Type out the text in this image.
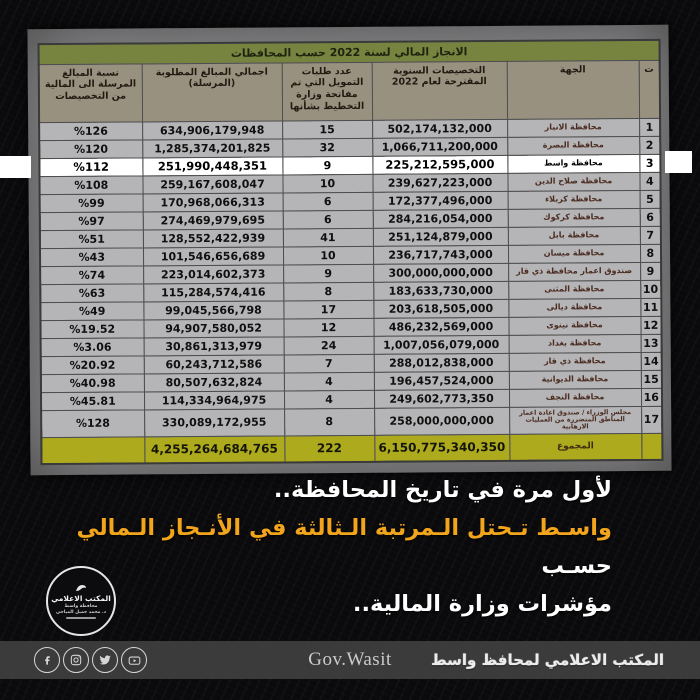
الانجاز المالي لسنة 2022 حسب المحافظات					
ت	الجهة	التخصيصات السنوية المقترحة لعام 2022	عدد طلبات التمويل التي تم مفاتحة وزارة التخطيط بشأنها	اجمالي المبالغ المطلوبة (المرسلة)	نسبة المبالغ المرسلة الى المالية من التخصيصات
1	محافظة الانبار	502,174,132,000	15	634,906,179,948	%126
2	محافظة البصرة	1,066,711,200,000	32	1,285,374,201,825	%120
3	محافظة واسط	225,212,595,000	9	251,990,448,351	%112
4	محافظة صلاح الدين	239,627,223,000	10	259,167,608,047	%108
5	محافظة كربلاء	172,377,496,000	6	170,968,066,313	%99
6	محافظة كركوك	284,216,054,000	6	274,469,979,695	%97
7	محافظة بابل	251,124,879,000	41	128,552,422,939	%51
8	محافظة ميسان	236,717,743,000	10	101,546,656,689	%43
9	صندوق اعمار محافظة ذي قار	300,000,000,000	9	223,014,602,373	%74
10	محافظة المثنى	183,633,730,000	8	115,284,574,416	%63
11	محافظة ديالى	203,618,505,000	17	99,045,566,798	%49
12	محافظة نينوى	486,232,569,000	12	94,907,580,052	%19.52
13	محافظة بغداد	1,007,056,079,000	24	30,861,313,979	%3.06
14	محافظة ذي قار	288,012,838,000	7	60,243,712,586	%20.92
15	محافظة الديوانية	196,457,524,000	4	80,507,632,824	%40.98
16	محافظة النجف	249,602,773,350	4	114,334,964,975	%45.81
17	مجلس الوزراء / صندوق اعادة اعمار المناطق المتضررة من العمليات الارهابية	258,000,000,000	8	330,089,172,955	%128
	المجموع	6,150,775,340,350	222	4,255,264,684,765	
لأول مرة في تاريخ المحافظة..
واسـط تـحتل الـمرتبة الـثالثة في الأنـجاز الـمالي حسـب
مؤشرات وزارة المالية..
المكتب الاعلامي
محافظة واسط
د. محمد جميل المياحي
Gov.Wasit	المكتب الاعلامي لمحافظ واسط
